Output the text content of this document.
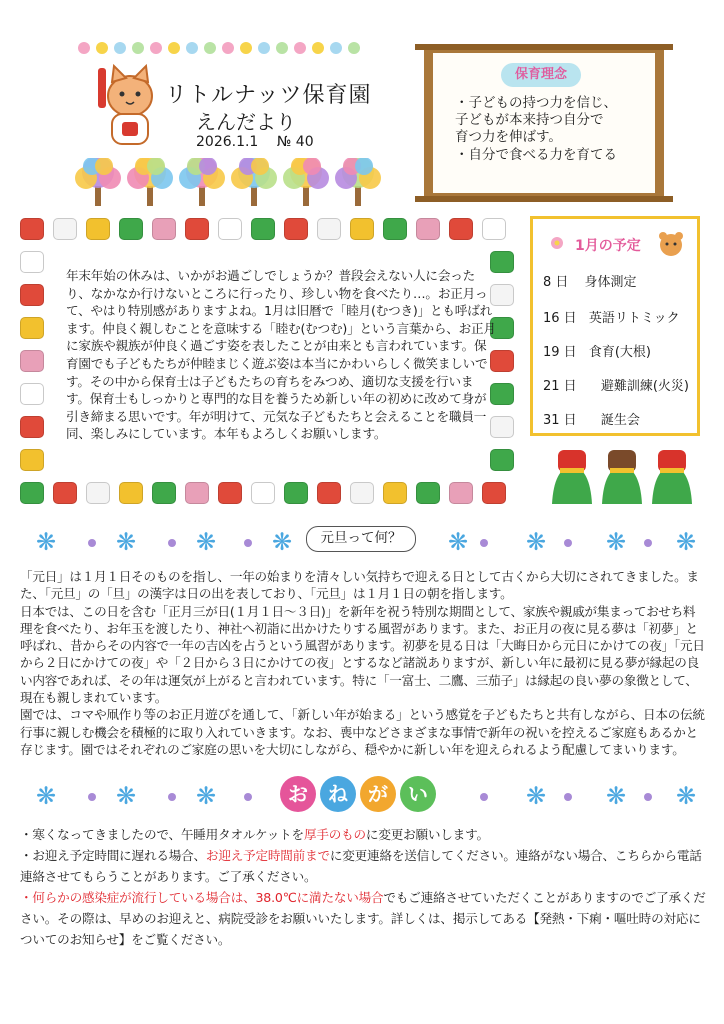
リトルナッツ保育園
えんだより
2026.1.1 № 40
保育理念
・子どもの持つ力を信じ、
子どもが本来持つ自分で
育つ力を伸ばす。
・自分で食べる力を育てる
年末年始の休みは、いかがお過ごしでしょうか？普段会えない人に会ったり、なかなか行けないところに行ったり、珍しい物を食べたり…。お正月って、やはり特別感がありますよね。1月は旧暦で「睦月(むつき)」とも呼ばれます。仲良く親しむことを意味する「睦む(むつむ)」という言葉から、お正月に家族や親族が仲良く過ごす姿を表したことが由来とも言われています。保育園でも子どもたちが仲睦まじく遊ぶ姿は本当にかわいらしく微笑ましいです。その中から保育士は子どもたちの育ちをみつめ、適切な支援を行います。保育士もしっかりと専門的な目を養うため新しい年の初めに改めて身が引き締まる思いです。年が明けて、元気な子どもたちと会えることを職員一同、楽しみにしています。本年もよろしくお願いします。
1月の予定
8 日 身体測定
16 日 英語リトミック
19 日 食育(大根)
21 日 避難訓練(火災)
31 日 誕生会
❋ ❋ ❋ ❋	❋ ❋ ❋ ❋
元旦って何？

「元日」は１月１日そのものを指し、一年の始まりを清々しい気持ちで迎える日として古くから大切にされてきました。また、「元旦」の「旦」の漢字は日の出を表しており、「元旦」は１月１日の朝を指します。

日本では、この日を含む「正月三が日(１月１日～３日)」を新年を祝う特別な期間として、家族や親戚が集まっておせち料理を食べたり、お年玉を渡したり、神社へ初詣に出かけたりする風習があります。また、お正月の夜に見る夢は「初夢」と呼ばれ、昔からその内容で一年の吉凶を占うという風習があります。初夢を見る日は「大晦日から元日にかけての夜」「元日から２日にかけての夜」や「２日から３日にかけての夜」とするなど諸説ありますが、新しい年に最初に見る夢が縁起の良い内容であれば、その年は運気が上がると言われています。特に「一富士、二鷹、三茄子」は縁起の良い夢の象徴として、現在も親しまれています。

園では、コマや凧作り等のお正月遊びを通して、「新しい年が始まる」という感覚を子どもたちと共有しながら、日本の伝統行事に親しむ機会を積極的に取り入れていきます。なお、喪中などさまざまな事情で新年の祝いを控えるご家庭もあるかと存じます。園ではそれぞれのご家庭の思いを大切にしながら、穏やかに新しい年を迎えられるよう配慮してまいります。

❋ ❋ ❋	❋ ❋ ❋
お	ね	が	い

・寒くなってきましたので、午睡用タオルケットを厚手のものに変更お願いします。

・お迎え予定時間に遅れる場合、お迎え予定時間前までに変更連絡を送信してください。連絡がない場合、こちらから電話連絡させてもらうことがあります。ご了承ください。

・何らかの感染症が流行している場合は、38.0℃に満たない場合でもご連絡させていただくことがありますのでご了承ください。その際は、早めのお迎えと、病院受診をお願いいたします。詳しくは、掲示してある【発熱・下痢・嘔吐時の対応についてのお知らせ】をご覧ください。
